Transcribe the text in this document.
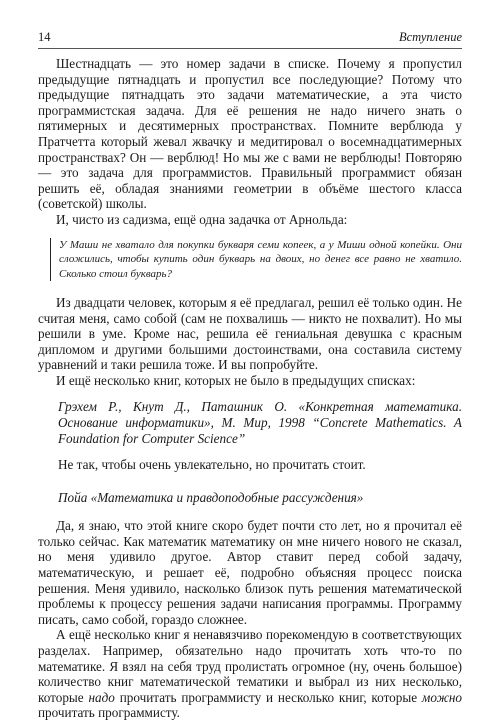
14	Вступление

Шестнадцать — это номер задачи в списке. Почему я пропустил предыдущие пятнадцать и пропустил все последующие? Потому что предыдущие пятнадцать это задачи математические, а эта чисто программистская задача. Для её решения не надо ничего знать о пятимерных и десятимерных пространствах. Помните верблюда у Пратчетта который жевал жвачку и медитировал о восемнадцатимерных пространствах? Он — верблюд! Но мы же с вами не верблюды! Повторяю — это задача для программистов. Правильный программист обязан решить её, обладая знаниями геометрии в объёме шестого класса (советской) школы.

И, чисто из садизма, ещё одна задачка от Арнольда:

У Маши не хватало для покупки букваря семи копеек, а у Миши одной копейки. Они сложились, чтобы купить один букварь на двоих, но денег все равно не хватило. Сколько стоил букварь?

Из двадцати человек, которым я её предлагал, решил её только один. Не считая меня, само собой (сам не похвалишь — никто не похвалит). Но мы решили в уме. Кроме нас, решила её гениальная девушка с красным дипломом и другими большими достоинствами, она составила систему уравнений и таки решила тоже. И вы попробуйте.

И ещё несколько книг, которых не было в предыдущих списках:

Грэхем Р., Кнут Д., Паташник О. «Конкретная математика. Основание информатики», М. Мир, 1998 “Concrete Mathematics. A Foundation for Computer Science”

Не так, чтобы очень увлекательно, но прочитать стоит.

Пойа «Математика и правдоподобные рассуждения»

Да, я знаю, что этой книге скоро будет почти сто лет, но я прочитал её только сейчас. Как математик математику он мне ничего нового не сказал, но меня удивило другое. Автор ставит перед собой задачу, математическую, и решает её, подробно объясняя процесс поиска решения. Меня удивило, насколько близок путь решения математической проблемы к процессу решения задачи написания программы. Программу писать, само собой, гораздо сложнее.

А ещё несколько книг я ненавязчиво порекомендую в соответствующих разделах. Например, обязательно надо прочитать хоть что-то по математике. Я взял на себя труд пролистать огромное (ну, очень большое) количество книг математической тематики и выбрал из них несколько, которые надо прочитать программисту и несколько книг, которые можно прочитать программисту.
